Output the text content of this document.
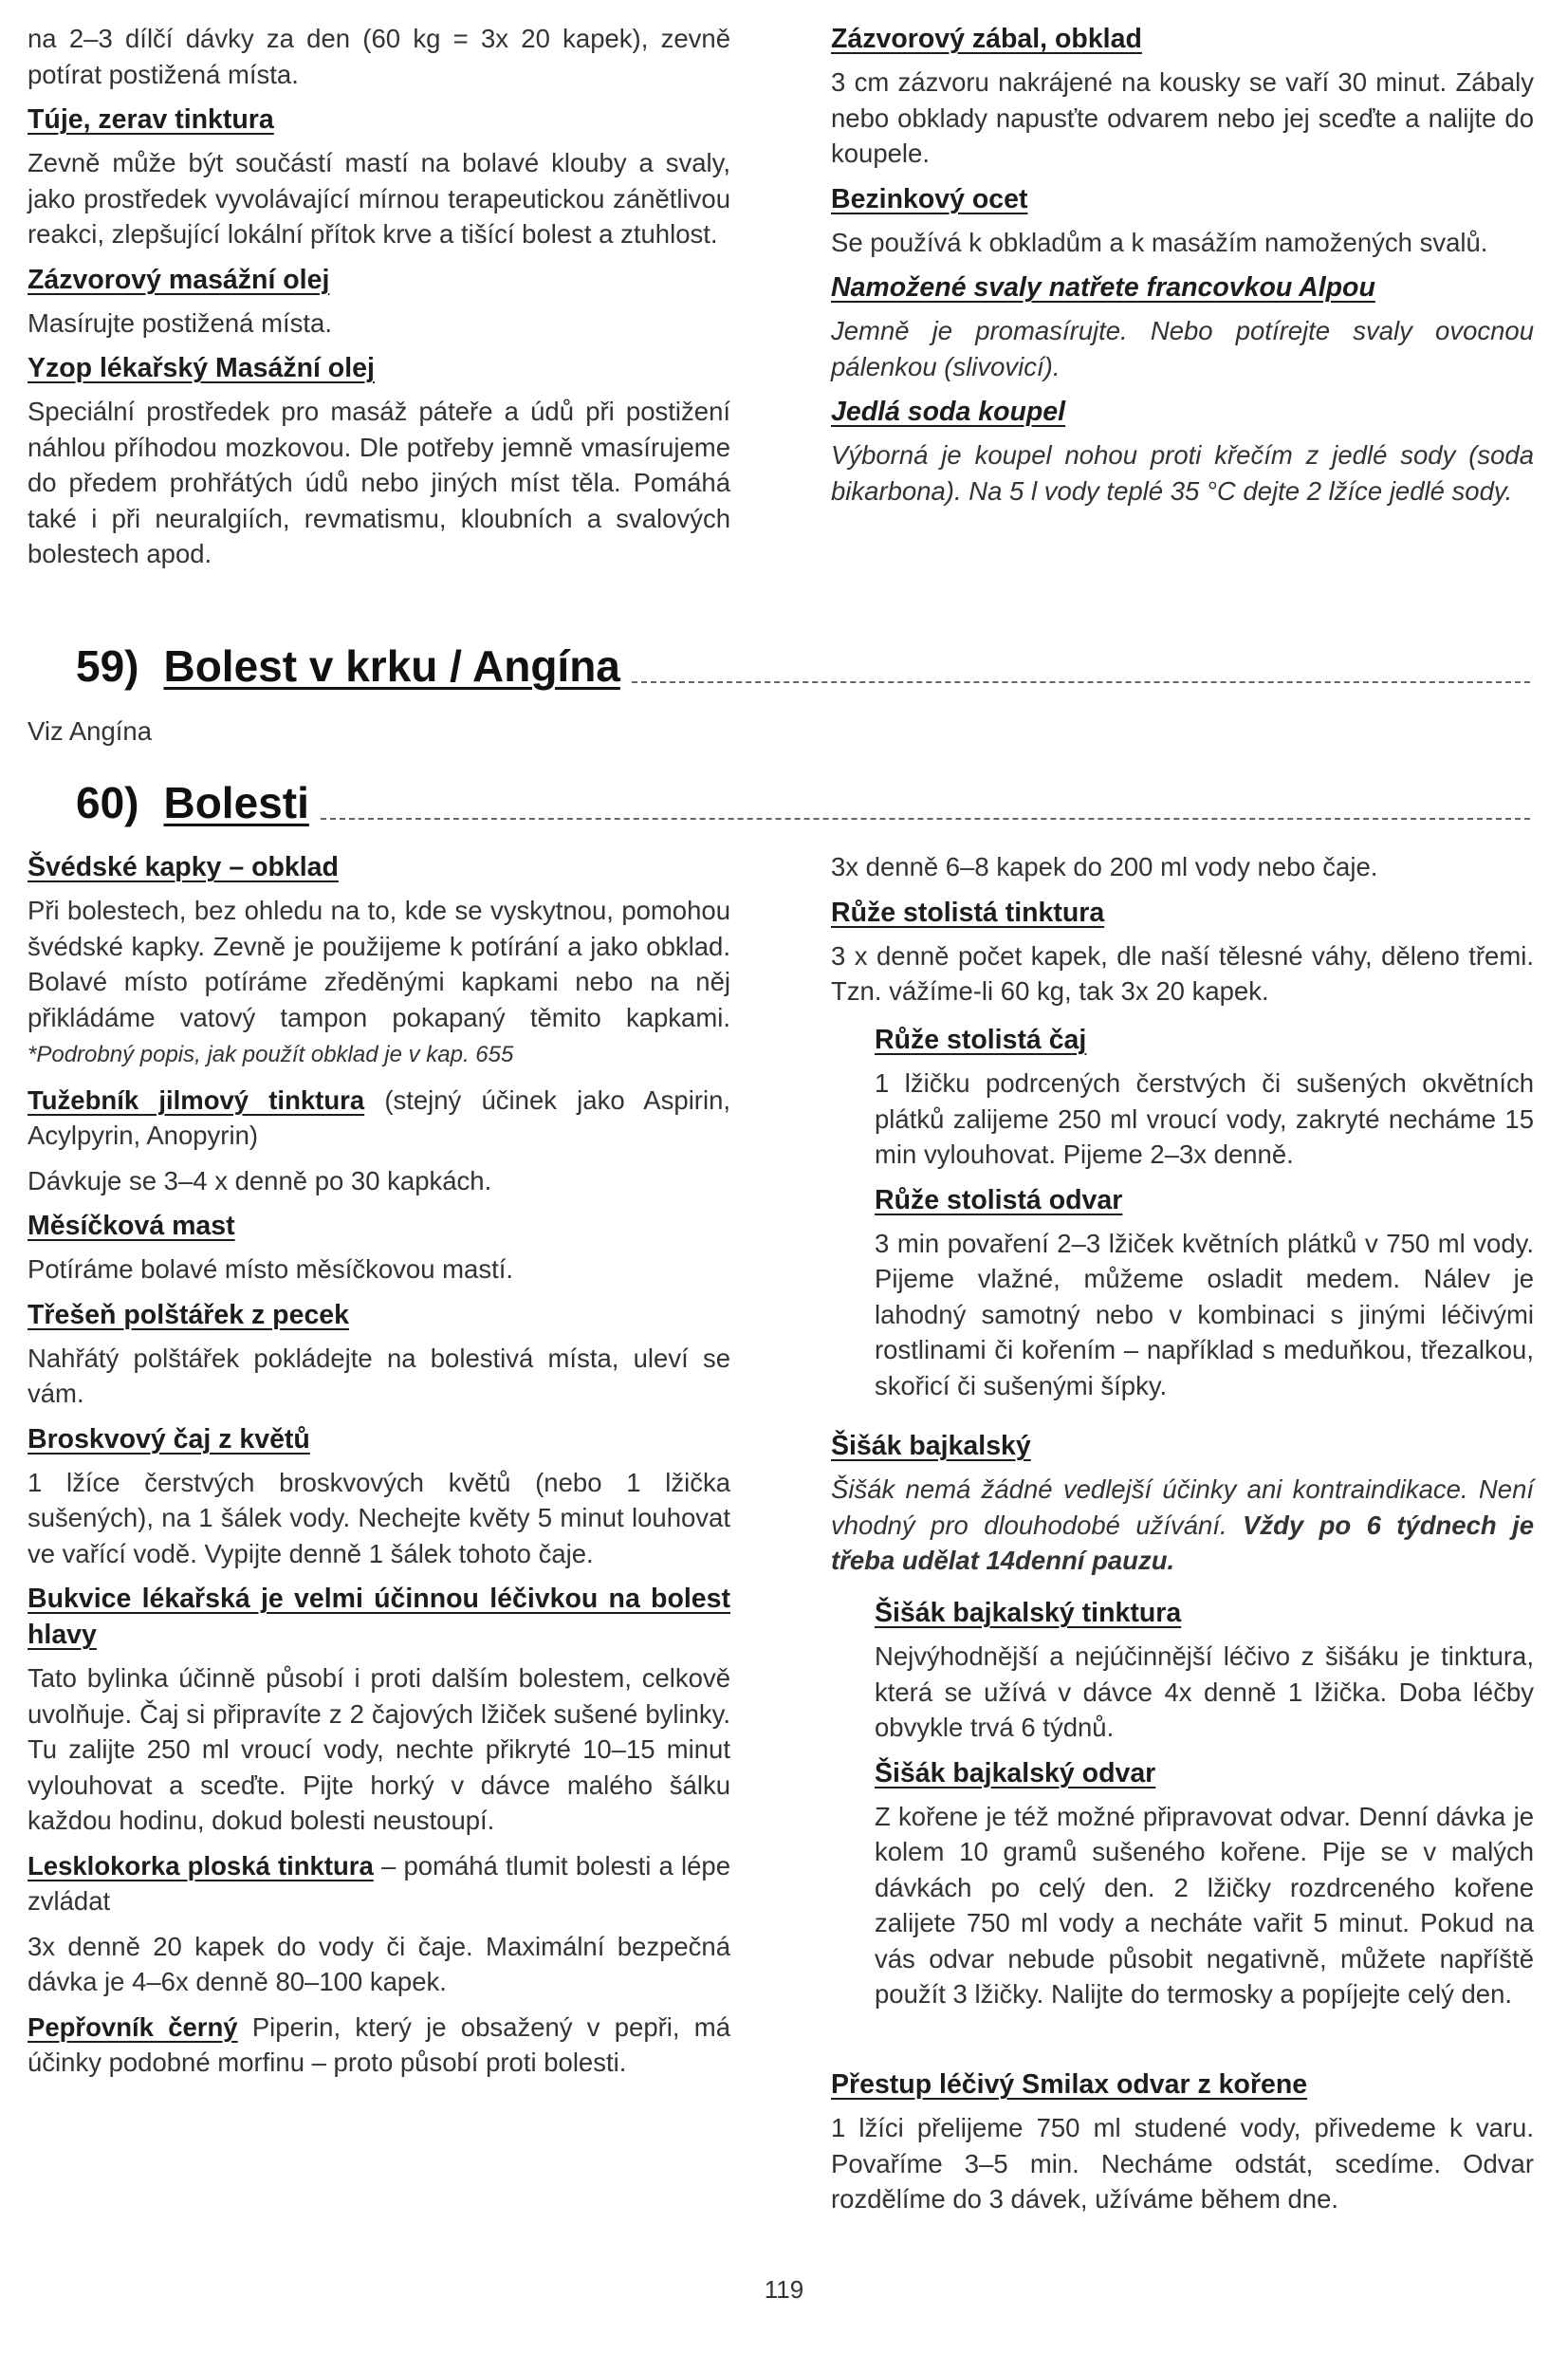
na 2–3 dílčí dávky za den (60 kg = 3x 20 kapek), zevně potírat postižená místa.

Túje, zerav tinktura

Zevně může být součástí mastí na bolavé klouby a svaly, jako prostředek vyvolávající mírnou terapeutickou zánětlivou reakci, zlepšující lokální přítok krve a tišící bolest a ztuhlost.

Zázvorový masážní olej

Masírujte postižená místa.

Yzop lékařský Masážní olej

Speciální prostředek pro masáž páteře a údů při postižení náhlou příhodou mozkovou. Dle potřeby jemně vmasírujeme do předem prohřátých údů nebo jiných míst těla. Pomáhá také i při neuralgiích, revmatismu, kloubních a svalových bolestech apod.

Zázvorový zábal, obklad

3 cm zázvoru nakrájené na kousky se vaří 30 minut. Zábaly nebo obklady napusťte odvarem nebo jej sceďte a nalijte do koupele.

Bezinkový ocet

Se používá k obkladům a k masážím namožených svalů.

Namožené svaly natřete francovkou Alpou

Jemně je promasírujte. Nebo potírejte svaly ovocnou pálenkou (slivovicí).

Jedlá soda koupel

Výborná je koupel nohou proti křečím z jedlé sody (soda bikarbona). Na 5 l vody teplé 35 °C dejte 2 lžíce jedlé sody.

59) Bolest v krku / Angína
Viz Angína
60) Bolesti
Švédské kapky – obklad

Při bolestech, bez ohledu na to, kde se vyskytnou, pomohou švédské kapky. Zevně je použijeme k potírání a jako obklad. Bolavé místo potíráme zředěnými kapkami nebo na něj přikládáme vatový tampon pokapaný těmito kapkami. *Podrobný popis, jak použít obklad je v kap. 655

Tužebník jilmový tinktura (stejný účinek jako Aspirin, Acylpyrin, Anopyrin)

Dávkuje se 3–4 x denně po 30 kapkách.

Měsíčková mast

Potíráme bolavé místo měsíčkovou mastí.

Třešeň polštářek z pecek

Nahřátý polštářek pokládejte na bolestivá místa, uleví se vám.

Broskvový čaj z květů

1 lžíce čerstvých broskvových květů (nebo 1 lžička sušených), na 1 šálek vody. Nechejte květy 5 minut louhovat ve vařící vodě. Vypijte denně 1 šálek tohoto čaje.

Bukvice lékařská je velmi účinnou léčivkou na bolest hlavy

Tato bylinka účinně působí i proti dalším bolestem, celkově uvolňuje. Čaj si připravíte z 2 čajových lžiček sušené bylinky. Tu zalijte 250 ml vroucí vody, nechte přikryté 10–15 minut vylouhovat a sceďte. Pijte horký v dávce malého šálku každou hodinu, dokud bolesti neustoupí.

Lesklokorka ploská tinktura – pomáhá tlumit bolesti a lépe zvládat

3x denně 20 kapek do vody či čaje. Maximální bezpečná dávka je 4–6x denně 80–100 kapek.

Pepřovník černý Piperin, který je obsažený v pepři, má účinky podobné morfinu – proto působí proti bolesti.

3x denně 6–8 kapek do 200 ml vody nebo čaje.

Růže stolistá tinktura

3 x denně počet kapek, dle naší tělesné váhy, děleno třemi. Tzn. vážíme-li 60 kg, tak 3x 20 kapek.

Růže stolistá čaj

1 lžičku podrcených čerstvých či sušených okvětních plátků zalijeme 250 ml vroucí vody, zakryté necháme 15 min vylouhovat. Pijeme 2–3x denně.

Růže stolistá odvar

3 min povaření 2–3 lžiček květních plátků v 750 ml vody. Pijeme vlažné, můžeme osladit medem. Nálev je lahodný samotný nebo v kombinaci s jinými léčivými rostlinami či kořením – například s meduňkou, třezalkou, skořicí či sušenými šípky.

Šišák bajkalský

Šišák nemá žádné vedlejší účinky ani kontraindikace. Není vhodný pro dlouhodobé užívání. Vždy po 6 týdnech je třeba udělat 14denní pauzu.

Šišák bajkalský tinktura

Nejvýhodnější a nejúčinnější léčivo z šišáku je tinktura, která se užívá v dávce 4x denně 1 lžička. Doba léčby obvykle trvá 6 týdnů.

Šišák bajkalský odvar

Z kořene je též možné připravovat odvar. Denní dávka je kolem 10 gramů sušeného kořene. Pije se v malých dávkách po celý den. 2 lžičky rozdrceného kořene zalijete 750 ml vody a necháte vařit 5 minut. Pokud na vás odvar nebude působit negativně, můžete napříště použít 3 lžičky. Nalijte do termosky a popíjejte celý den.

Přestup léčivý Smilax odvar z kořene

1 lžíci přelijeme 750 ml studené vody, přivedeme k varu. Povaříme 3–5 min. Necháme odstát, scedíme. Odvar rozdělíme do 3 dávek, užíváme během dne.

119
